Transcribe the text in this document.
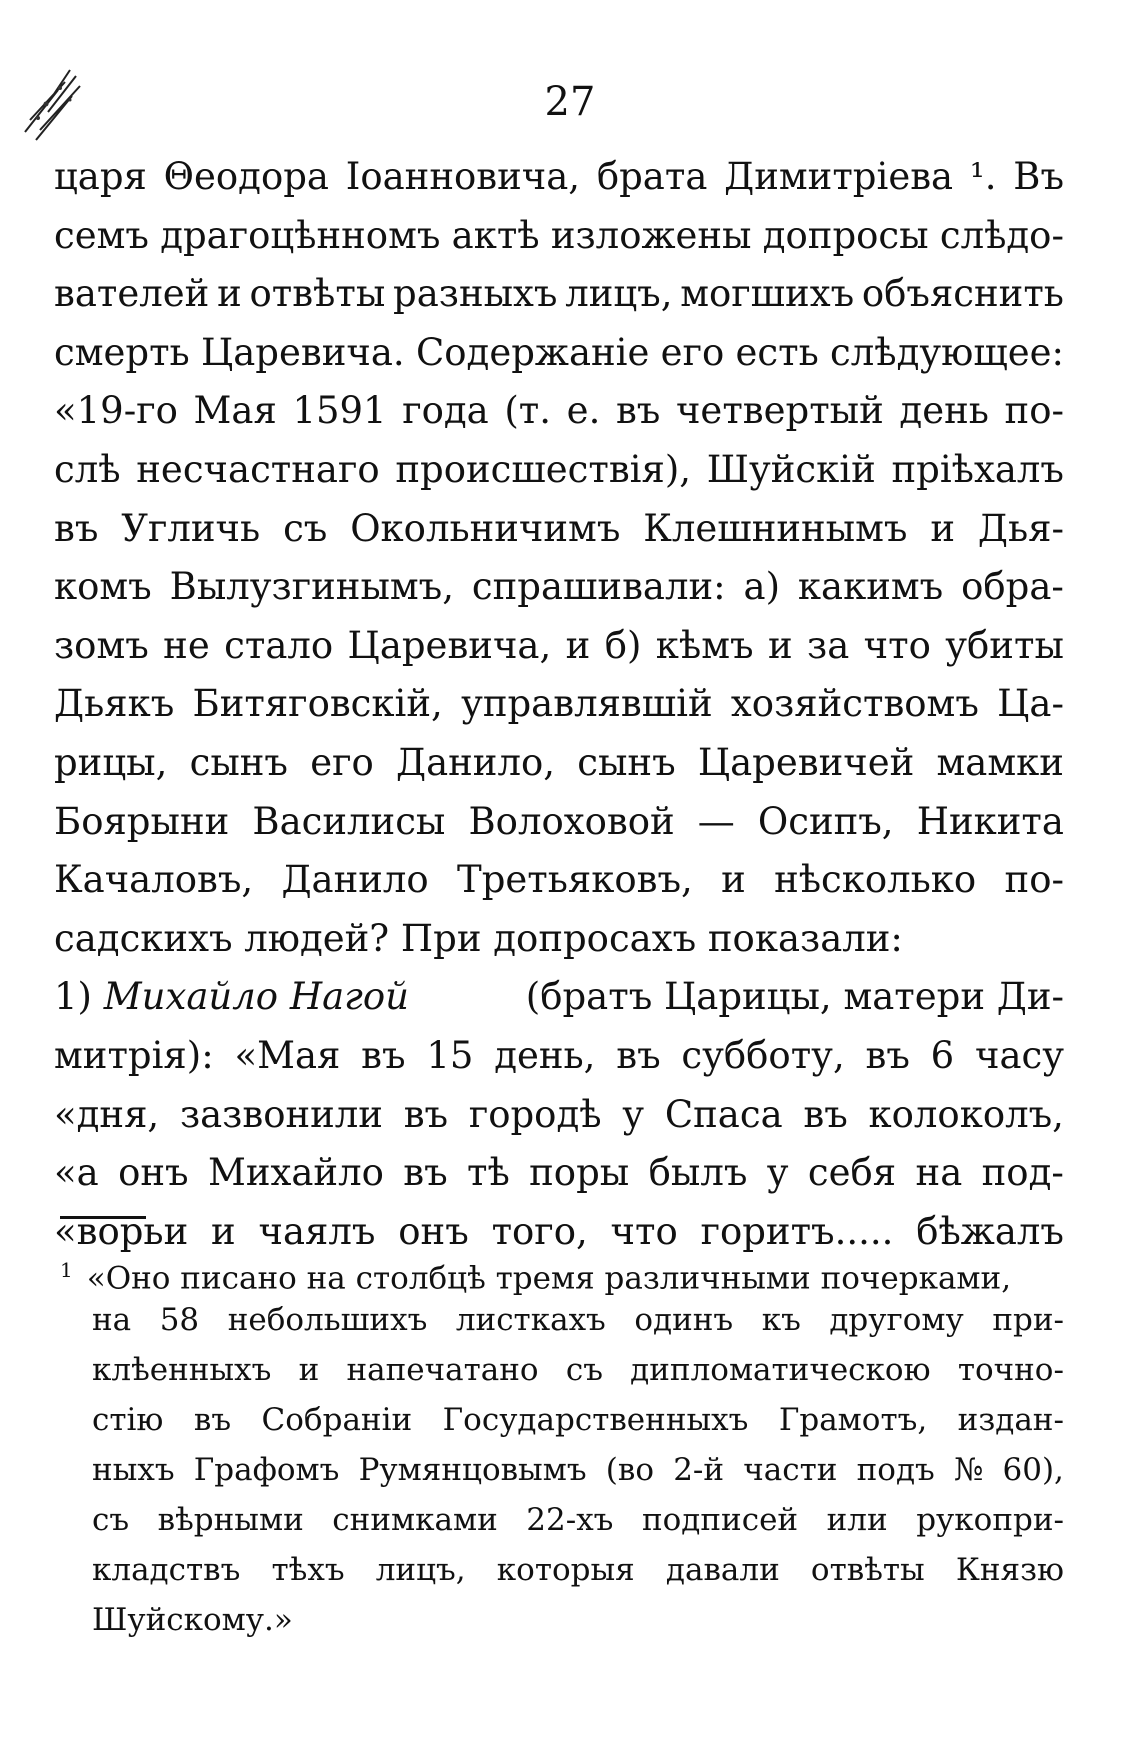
27
царя Θеодора Іоанновича, брата Димитріева ¹. Въ
семъ драгоцѣнномъ актѣ изложены допросы слѣдо-
вателей и отвѣты разныхъ лицъ, могшихъ объяснить
смерть Царевича. Содержаніе его есть слѣдующее:
«19-го Мая 1591 года (т. е. въ четвертый день по-
слѣ несчастнаго происшествія), Шуйскій пріѣхалъ
въ Угличь съ Окольничимъ Клешнинымъ и Дья-
комъ Вылузгинымъ, спрашивали: а) какимъ обра-
зомъ не стало Царевича, и б) кѣмъ и за что убиты
Дьякъ Битяговскій, управлявшій хозяйствомъ Ца-
рицы, сынъ его Данило, сынъ Царевичей мамки
Боярыни Василисы Волоховой — Осипъ, Никита
Качаловъ, Данило Третьяковъ, и нѣсколько по-
садскихъ людей? При допросахъ показали:
1) Михайло Нагой	(братъ Царицы, матери Ди-
митрія): «Мая въ 15 день, въ субботу, въ 6 часу
«дня, зазвонили въ городѣ у Спаса въ колоколъ,
«а онъ Михайло въ тѣ поры былъ у себя на под-
«ворьи и чаялъ онъ того, что горитъ..... бѣжалъ
$^1$ «Оно писано на столбцѣ тремя различными почерками,
на 58 небольшихъ листкахъ одинъ къ другому при-
клѣенныхъ и напечатано съ дипломатическою точно-
стію въ Собраніи Государственныхъ Грамотъ, издан-
ныхъ Графомъ Румянцовымъ (во 2-й части подъ № 60),
съ вѣрными снимками 22-хъ подписей или рукопри-
кладствъ тѣхъ лицъ, которыя давали отвѣты Князю
Шуйскому.»
